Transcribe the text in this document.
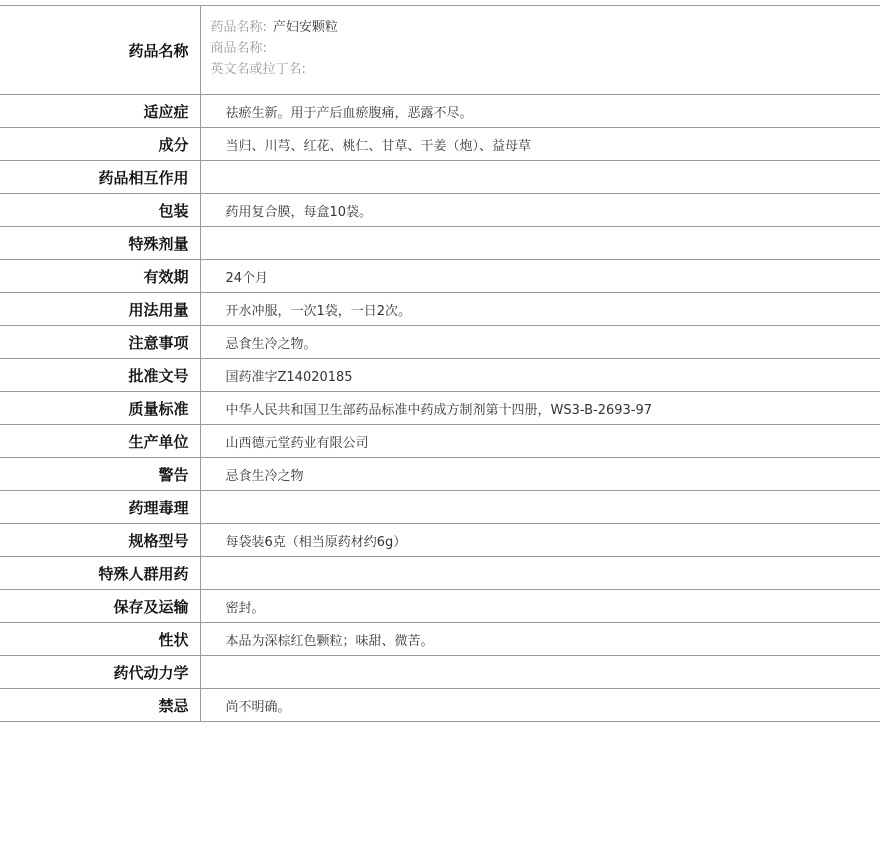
药品名称	药品名称: 产妇安颗粒
商品名称:
英文名或拉丁名:

适应症	祛瘀生新。用于产后血瘀腹痛，恶露不尽。
成分	当归、川芎、红花、桃仁、甘草、干姜（炮）、益母草
药品相互作用	
包装	药用复合膜，每盒10袋。
特殊剂量	
有效期	24个月
用法用量	开水冲服，一次1袋，一日2次。
注意事项	忌食生冷之物。
批准文号	国药准字Z14020185
质量标准	中华人民共和国卫生部药品标准中药成方制剂第十四册，WS3-B-2693-97
生产单位	山西德元堂药业有限公司
警告	忌食生冷之物
药理毒理	
规格型号	每袋装6克（相当原药材约6g）
特殊人群用药	
保存及运输	密封。
性状	本品为深棕红色颗粒；味甜、微苦。
药代动力学	
禁忌	尚不明确。
